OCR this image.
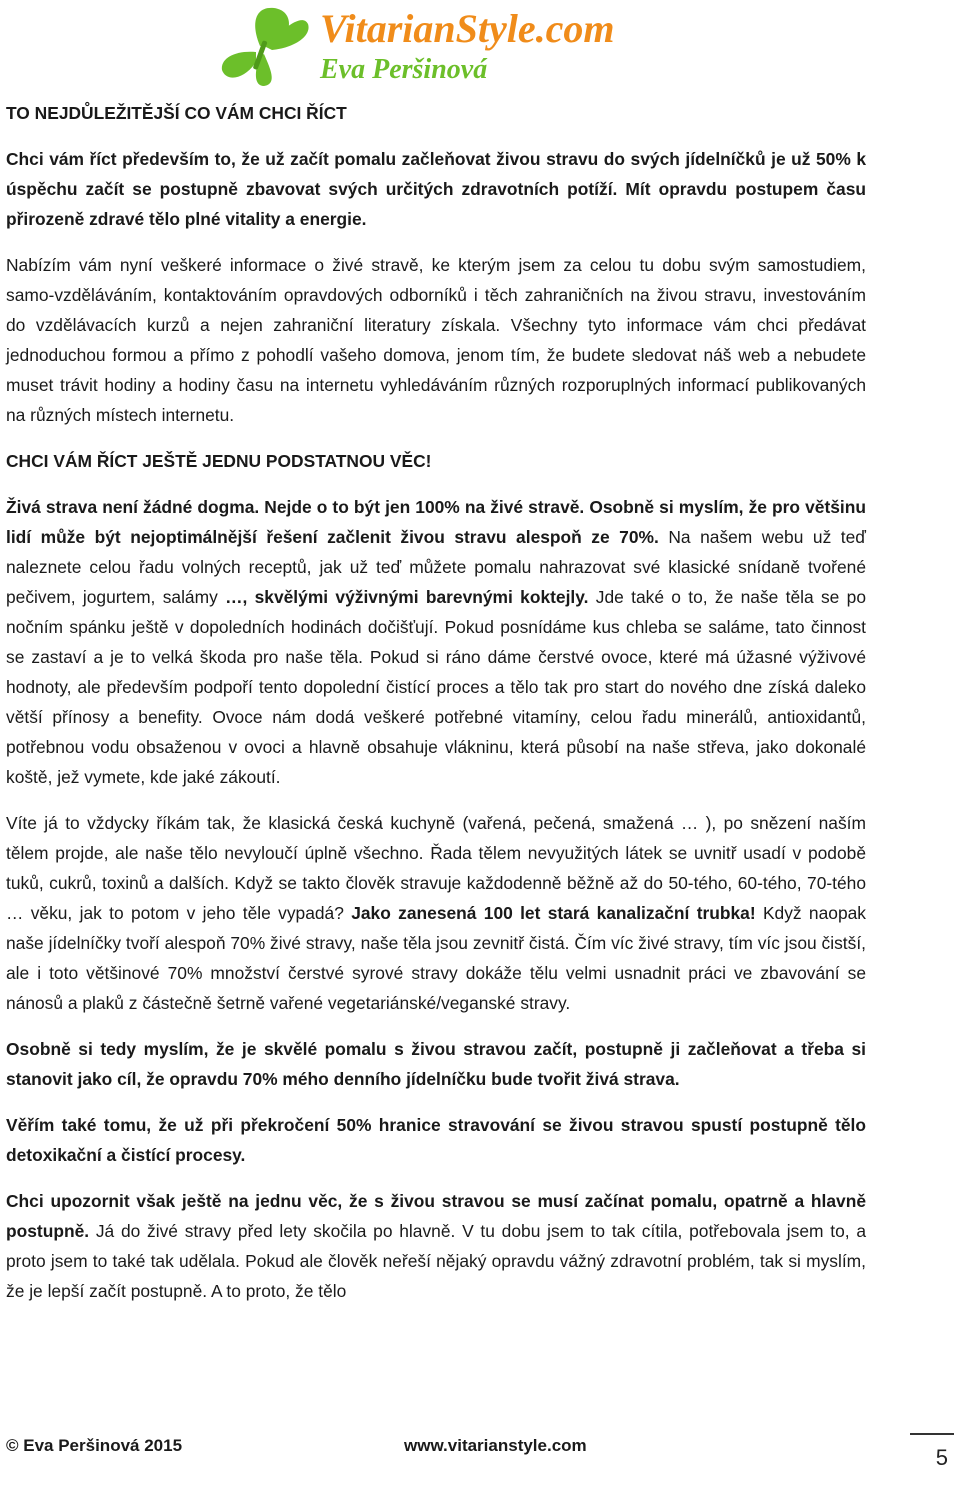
VitarianStyle.com
Eva Peršinová

TO NEJDŮLEŽITĚJŠÍ CO VÁM CHCI ŘÍCT

Chci vám říct především to, že už začít pomalu začleňovat živou stravu do svých jídelníčků je už 50% k úspěchu začít se postupně zbavovat svých určitých zdravotních potíží. Mít opravdu postupem času přirozeně zdravé tělo plné vitality a energie.

Nabízím vám nyní veškeré informace o živé stravě, ke kterým jsem za celou tu dobu svým samostudiem, samo-vzděláváním, kontaktováním opravdových odborníků i těch zahraničních na živou stravu, investováním do vzdělávacích kurzů a nejen zahraniční literatury získala. Všechny tyto informace vám chci předávat jednoduchou formou a přímo z pohodlí vašeho domova, jenom tím, že budete sledovat náš web a nebudete muset trávit hodiny a hodiny času na internetu vyhledáváním různých rozporuplných informací publikovaných na různých místech internetu.

CHCI VÁM ŘÍCT JEŠTĚ JEDNU PODSTATNOU VĚC!

Živá strava není žádné dogma. Nejde o to být jen 100% na živé stravě. Osobně si myslím, že pro většinu lidí může být nejoptimálnější řešení začlenit živou stravu alespoň ze 70%. Na našem webu už teď naleznete celou řadu volných receptů, jak už teď můžete pomalu nahrazovat své klasické snídaně tvořené pečivem, jogurtem, salámy …, skvělými výživnými barevnými koktejly. Jde také o to, že naše těla se po nočním spánku ještě v dopoledních hodinách dočišťují. Pokud posnídáme kus chleba se saláme, tato činnost se zastaví a je to velká škoda pro naše těla. Pokud si ráno dáme čerstvé ovoce, které má úžasné výživové hodnoty, ale především podpoří tento dopolední čistící proces a tělo tak pro start do nového dne získá daleko větší přínosy a benefity. Ovoce nám dodá veškeré potřebné vitamíny, celou řadu minerálů, antioxidantů, potřebnou vodu obsaženou v ovoci a hlavně obsahuje vlákninu, která působí na naše střeva, jako dokonalé koště, jež vymete, kde jaké zákoutí.

Víte já to vždycky říkám tak, že klasická česká kuchyně (vařená, pečená, smažená … ), po snězení naším tělem projde, ale naše tělo nevyloučí úplně všechno. Řada tělem nevyužitých látek se uvnitř usadí v podobě tuků, cukrů, toxinů a dalších. Když se takto člověk stravuje každodenně běžně až do 50-tého, 60-tého, 70-tého … věku, jak to potom v jeho těle vypadá? Jako zanesená 100 let stará kanalizační trubka! Když naopak naše jídelníčky tvoří alespoň 70% živé stravy, naše těla jsou zevnitř čistá. Čím víc živé stravy, tím víc jsou čistší, ale i toto většinové 70% množství čerstvé syrové stravy dokáže tělu velmi usnadnit práci ve zbavování se nánosů a plaků z částečně šetrně vařené vegetariánské/veganské stravy.

Osobně si tedy myslím, že je skvělé pomalu s živou stravou začít, postupně ji začleňovat a třeba si stanovit jako cíl, že opravdu 70% mého denního jídelníčku bude tvořit živá strava.

Věřím také tomu, že už při překročení 50% hranice stravování se živou stravou spustí postupně tělo detoxikační a čistící procesy.

Chci upozornit však ještě na jednu věc, že s živou stravou se musí začínat pomalu, opatrně a hlavně postupně. Já do živé stravy před lety skočila po hlavně. V tu dobu jsem to tak cítila, potřebovala jsem to, a proto jsem to také tak udělala. Pokud ale člověk neřeší nějaký opravdu vážný zdravotní problém, tak si myslím, že je lepší začít postupně. A to proto, že tělo

© Eva Peršinová 2015	www.vitarianstyle.com	5
